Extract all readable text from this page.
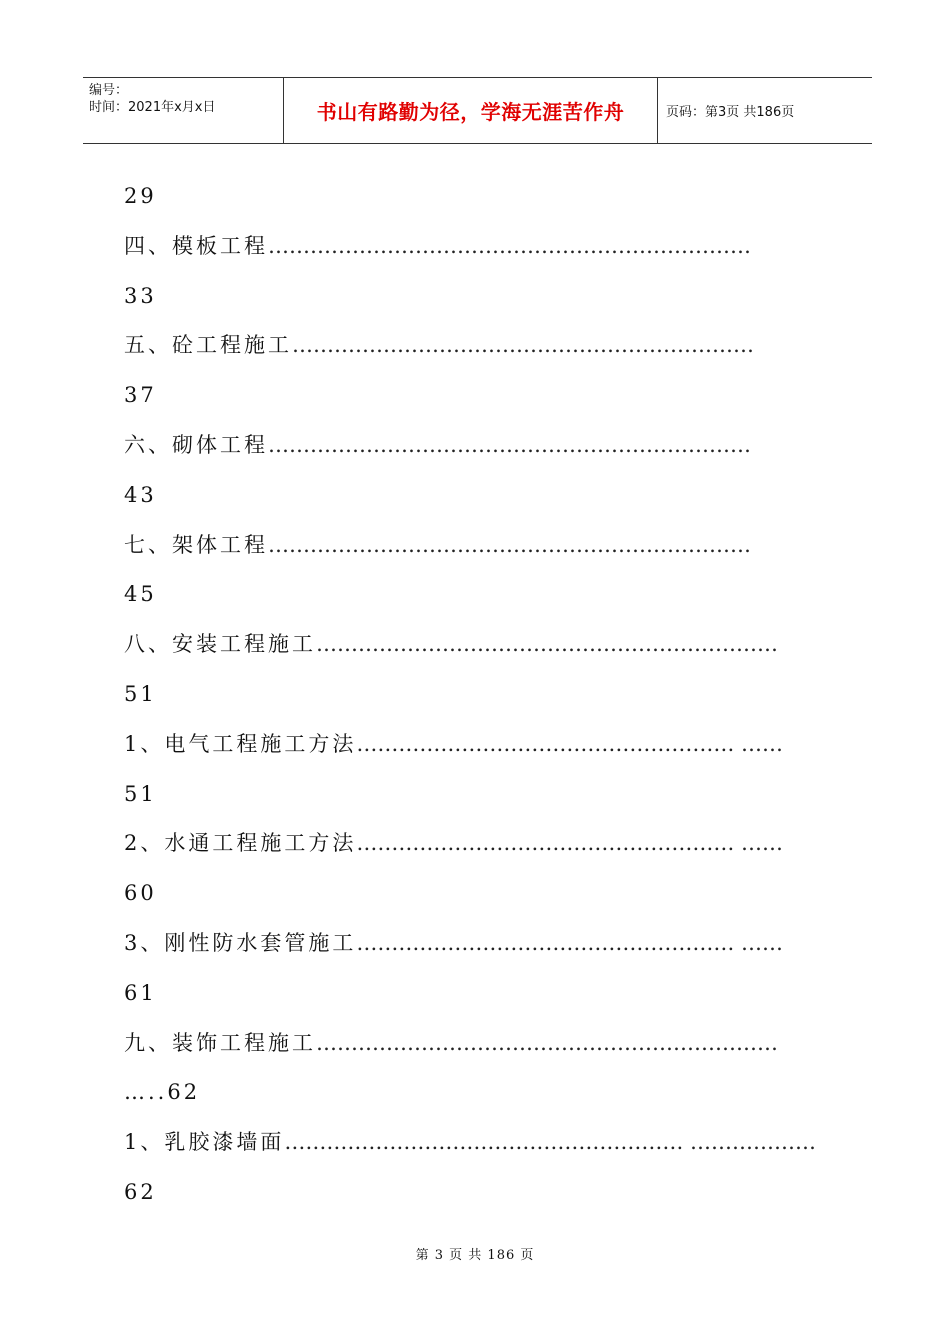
编号：
时间：2021年x月x日	书山有路勤为径，学海无涯苦作舟	页码：第3页 共186页
29
四、模板工程……………………………………………………………
33
五、砼工程施工…………………………………………………………
37
六、砌体工程……………………………………………………………
43
七、架体工程……………………………………………………………
45
八、安装工程施工…………………………………………………………
51
1、电气工程施工方法……………………………………………… ……
51
2、水通工程施工方法……………………………………………… ……
60
3、刚性防水套管施工……………………………………………… ……
61
九、装饰工程施工…………………………………………………………
…..62
1、乳胶漆墙面………………………………………………… ………………
62
第 3 页 共 186 页
